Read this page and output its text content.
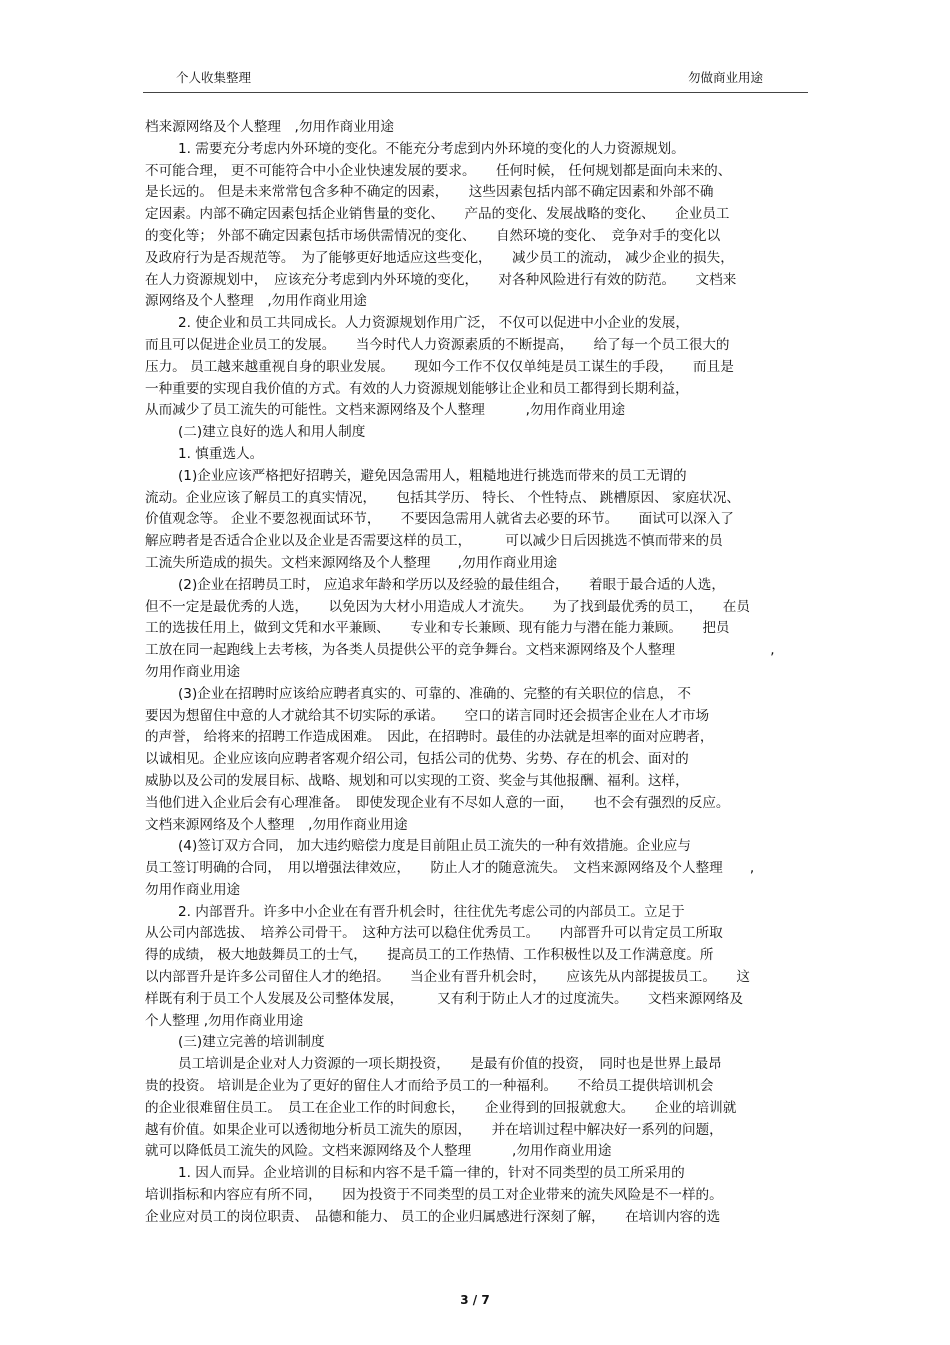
个人收集整理	勿做商业用途
档来源网络及个人整理　,勿用作商业用途
1. 需要充分考虑内外环境的变化。不能充分考虑到内外环境的变化的人力资源规划。
不可能合理， 更不可能符合中小企业快速发展的要求。　　任何时候， 任何规划都是面向未来的、
是长远的。 但是未来常常包含多种不确定的因素，　　这些因素包括内部不确定因素和外部不确
定因素。内部不确定因素包括企业销售量的变化、　　产品的变化、发展战略的变化、　　企业员工
的变化等； 外部不确定因素包括市场供需情况的变化、　　自然环境的变化、　竞争对手的变化以
及政府行为是否规范等。　为了能够更好地适应这些变化，　　减少员工的流动， 减少企业的损失，
在人力资源规划中，　应该充分考虑到内外环境的变化，　　对各种风险进行有效的防范。　　文档来
源网络及个人整理　,勿用作商业用途
2. 使企业和员工共同成长。人力资源规划作用广泛， 不仅可以促进中小企业的发展，
而且可以促进企业员工的发展。　　当今时代人力资源素质的不断提高，　　给了每一个员工很大的
压力。 员工越来越重视自身的职业发展。　　现如今工作不仅仅单纯是员工谋生的手段，　　而且是
一种重要的实现自我价值的方式。有效的人力资源规划能够让企业和员工都得到长期利益，
从而减少了员工流失的可能性。文档来源网络及个人整理　　　,勿用作商业用途
(二)建立良好的选人和用人制度
1. 慎重选人。
(1)企业应该严格把好招聘关，避免因急需用人，粗糙地进行挑选而带来的员工无谓的
流动。企业应该了解员工的真实情况，　　包括其学历、 特长、 个性特点、 跳槽原因、 家庭状况、
价值观念等。 企业不要忽视面试环节，　　不要因急需用人就省去必要的环节。　　面试可以深入了
解应聘者是否适合企业以及企业是否需要这样的员工，　　　可以减少日后因挑选不慎而带来的员
工流失所造成的损失。文档来源网络及个人整理　　,勿用作商业用途
(2)企业在招聘员工时， 应追求年龄和学历以及经验的最佳组合，　　着眼于最合适的人选，
但不一定是最优秀的人选，　　以免因为大材小用造成人才流失。　　为了找到最优秀的员工，　　在员
工的选拔任用上，做到文凭和水平兼顾、　　专业和专长兼顾、现有能力与潜在能力兼顾。　　把员
工放在同一起跑线上去考核，为各类人员提供公平的竞争舞台。文档来源网络及个人整理　　　　　　　,
勿用作商业用途
(3)企业在招聘时应该给应聘者真实的、可靠的、准确的、完整的有关职位的信息， 不
要因为想留住中意的人才就给其不切实际的承诺。　　空口的诺言同时还会损害企业在人才市场
的声誉， 给将来的招聘工作造成困难。　因此，在招聘时。最佳的办法就是坦率的面对应聘者，
以诚相见。企业应该向应聘者客观介绍公司，包括公司的优势、劣势、存在的机会、面对的
威胁以及公司的发展目标、战略、规划和可以实现的工资、奖金与其他报酬、福利。这样，
当他们进入企业后会有心理准备。　即使发现企业有不尽如人意的一面，　　也不会有强烈的反应。
文档来源网络及个人整理　,勿用作商业用途
(4)签订双方合同， 加大违约赔偿力度是目前阻止员工流失的一种有效措施。企业应与
员工签订明确的合同，　用以增强法律效应，　　防止人才的随意流失。　文档来源网络及个人整理　　,
勿用作商业用途
2. 内部晋升。许多中小企业在有晋升机会时，往往优先考虑公司的内部员工。立足于
从公司内部选拔、　培养公司骨干。　这种方法可以稳住优秀员工。　　内部晋升可以肯定员工所取
得的成绩， 极大地鼓舞员工的士气，　　提高员工的工作热情、工作积极性以及工作满意度。所
以内部晋升是许多公司留住人才的绝招。　　当企业有晋升机会时，　　应该先从内部提拔员工。　　这
样既有利于员工个人发展及公司整体发展，　　　又有利于防止人才的过度流失。　　文档来源网络及
个人整理 ,勿用作商业用途
(三)建立完善的培训制度
员工培训是企业对人力资源的一项长期投资，　　是最有价值的投资，　同时也是世界上最昂
贵的投资。 培训是企业为了更好的留住人才而给予员工的一种福利。　　不给员工提供培训机会
的企业很难留住员工。　员工在企业工作的时间愈长，　　企业得到的回报就愈大。　　企业的培训就
越有价值。如果企业可以透彻地分析员工流失的原因，　　并在培训过程中解决好一系列的问题，
就可以降低员工流失的风险。文档来源网络及个人整理　　　,勿用作商业用途
1. 因人而异。企业培训的目标和内容不是千篇一律的，针对不同类型的员工所采用的
培训指标和内容应有所不同，　　因为投资于不同类型的员工对企业带来的流失风险是不一样的。
企业应对员工的岗位职责、　品德和能力、 员工的企业归属感进行深刻了解，　　在培训内容的选
3 / 7
